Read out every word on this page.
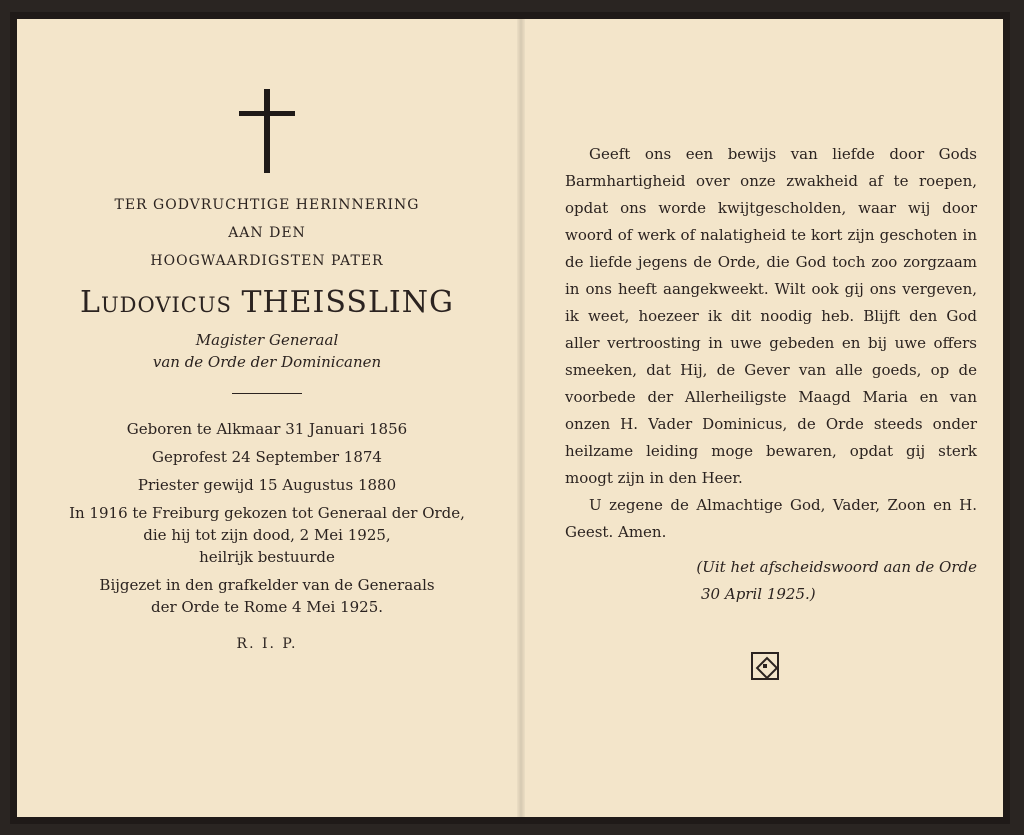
TER GODVRUCHTIGE HERINNERING
AAN DEN
HOOGWAARDIGSTEN PATER
Ludovicus THEISSLING
Magister Generaal
van de Orde der Dominicanen
Geboren te Alkmaar 31 Januari 1856
Geprofest 24 September 1874
Priester gewijd 15 Augustus 1880
In 1916 te Freiburg gekozen tot Generaal der Orde,
die hij tot zijn dood, 2 Mei 1925,
heilrijk bestuurde
Bijgezet in den grafkelder van de Generaals
der Orde te Rome 4 Mei 1925.
R. I. P.

Geeft ons een bewijs van liefde door Gods Barmhartigheid over onze zwakheid af te roepen, opdat ons worde kwijtgescholden, waar wij door woord of werk of nalatigheid te kort zijn geschoten in de liefde jegens de Orde, die God toch zoo zorgzaam in ons heeft aangekweekt. Wilt ook gij ons vergeven, ik weet, hoezeer ik dit noodig heb. Blijft den God aller vertroosting in uwe gebeden en bij uwe offers smeeken, dat Hij, de Gever van alle goeds, op de voorbede der Allerheiligste Maagd Maria en van onzen H. Vader Dominicus, de Orde steeds onder heilzame leiding moge bewaren, opdat gij sterk moogt zijn in den Heer.

U zegene de Almachtige God, Vader, Zoon en H. Geest. Amen.

(Uit het afscheidswoord aan de Orde
30 April 1925.)
